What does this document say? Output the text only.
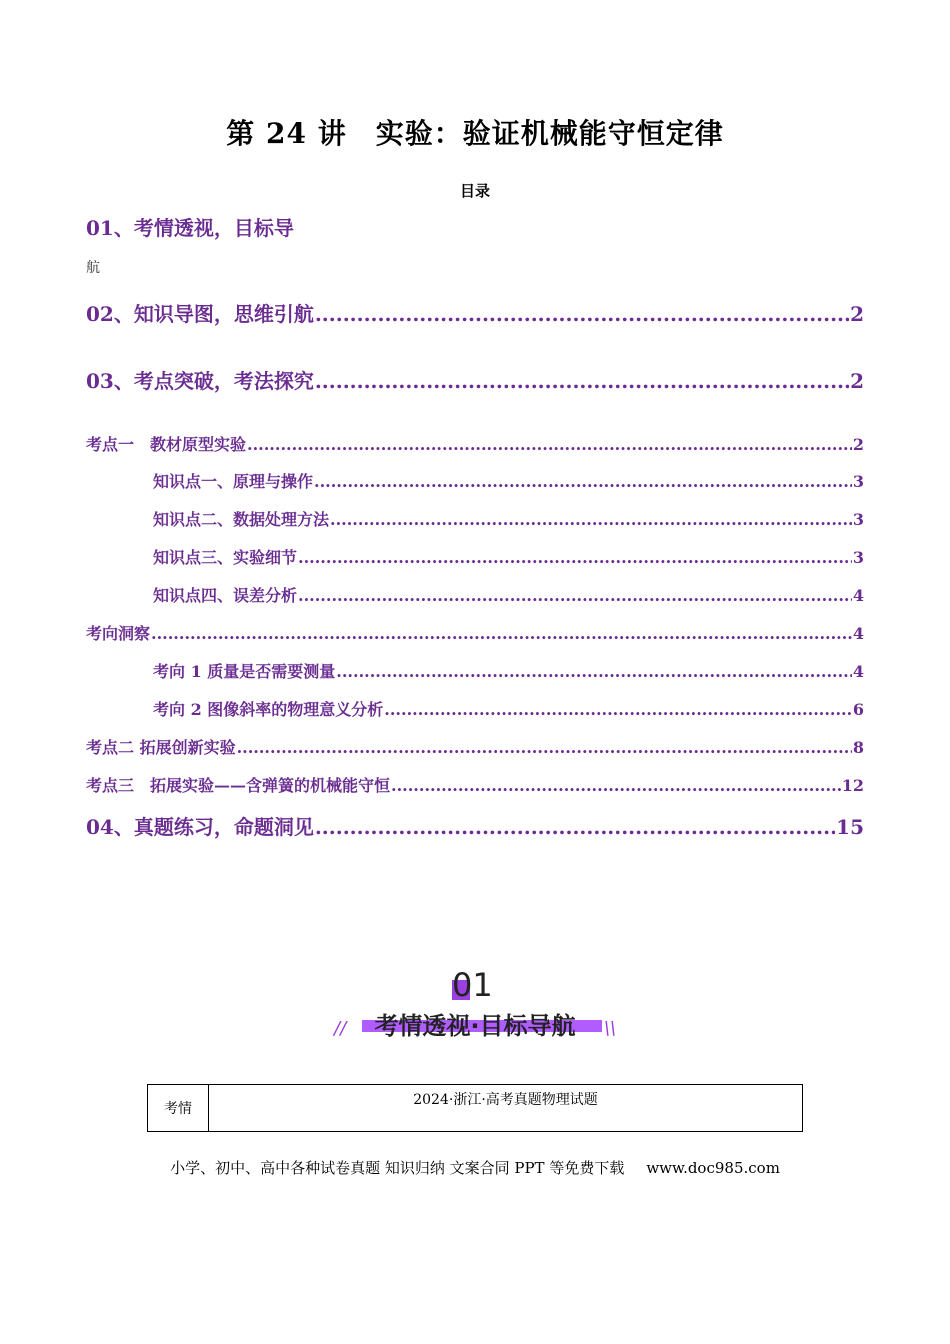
第 24 讲　实验：验证机械能守恒定律
目录
01、考情透视，目标导
航
02、知识导图，思维引航 .....	2
03、考点突破，考法探究 .....	2
考点一　教材原型实验 .....	2
知识点一、原理与操作 .....	3
知识点二、数据处理方法 .....	3
知识点三、实验细节 .....	3
知识点四、误差分析 .....	4
考向洞察 .....	4
考向 1 质量是否需要测量 .....	4
考向 2 图像斜率的物理意义分析 .....	6
考点二 拓展创新实验 .....	8
考点三　拓展实验——含弹簧的机械能守恒 .....	12
04、真题练习，命题洞见 .....	15
01
考情透视·目标导航
//	\\
考情	2024·浙江·高考真题物理试题
小学、初中、高中各种试卷真题 知识归纳 文案合同 PPT 等免费下载 www.doc985.com
